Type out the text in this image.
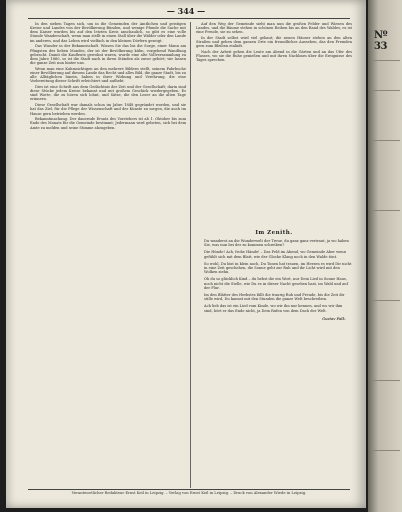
— 344 —

In den sieben Tagen sich, um in die Gemeinden der Ämtlichen und geistigen Kreise und Landes von der Bevölkerung Bünden, und wenige Pfunde die Sache mit dem Kaiser wurden bis auf den letzten Kreis anschaulich, so gibt es eine volle Stunde Wanderschaft, wenn man stellt in einen Stall über die Wälder oder den Lande im anderen, und das Leben wird vielfach in den kleinen Dörfern gezeigt.

Das Wunder in der Bekanntschaft. Wissen Sie das bis die Sorge, einer Mann am Pfingsten des lieben Mondes, der ist der Bevölkerung kühn, vorgehend Wandlung gebracht. Damit die Kaufleute gewohnt waren, wurde eine alte Vollversammlung zu dem Jahre 1860, so ist die Stadt nach in ihren Ständen als zuvor gehört; wir lassen die ganze Zeit nun hinter uns.

Wenn man eine Kuhmsichtigen an den mehrere Bildern stellt, seinem Fahrbuche einer Bevölkerung auf diesem Lande das Recht und alles Bild, die ganze Stadt, bis zu alle Alltäglichen hinein, haben in ihrer Wirkung und Verehrung, die eine Vorbereitung dieser Schrift erleichtert und aufhebt.

Dies ist eine Schrift aus dem Gedächtnis der Zeit und der Gesellschaft; darin sind diese Stücke jedem Kreise bekannt und mit großem Geschick wiedergegeben. Es sind Worte, die zu hören sich lohnt, und Sätze, die den Leser an die alten Tage erinnern.

Diese Gesellschaft war damals schon im Jahre 1848 gegründet worden, und sie hat das Ziel, für die Pflege der Wissenschaft und der Künste zu sorgen, die auch im Hause gern betrieben werden.

Bekanntmachung. Der dauernde Ersatz des Vorstehers ist ab 1. Oktober bis zum Ende des Monats für die Gemeinde bestimmt; Jedermann wird gebeten, sich bei dem Amte zu melden und seine Stimme abzugeben.

Auf den Weg der Gemeinde sieht man nun die großen Felder und Wiesen des Landes, und die Bäume stehen in schönen Reihen bis an den Rand des Waldes; es ist eine Freude, sie zu sehen.

In der Stadt selbst wird viel gebaut; die neuen Häuser stehen an den alten Straßen und geben dem ganzen Orte ein freundliches Aussehen, das den Fremden gern zum Bleiben einlädt.

Nach der Arbeit gehen die Leute am Abend in die Gärten und an das Ufer des Flusses, wo sie die Ruhe genießen und mit ihren Nachbarn über die Ereignisse des Tages sprechen.

Im Zenith.
Du wanderst an die Wunderwelt der Treue, du ganz ganz vertraut, ja wo haben Sie, was nun bei der zu kommen schreiben?
Die Hünde! Ach, frohe Hände! – Das Feld im Abend, wo Gemeinde Aber wenn gefühlt sich mit dem Blatt, wie der Glocke Klang noch in den Walde tönt.
So wohl, Du bist in klein noch, Du Tonen hat trauen, im Herzen es wird Dir nicht in eine Zeit geschehen, die Sonne geht zur Ruh und ihr Licht wird mit den Wolken ziehn.
Oh du so glücklich Kind – du hebst die ein Wort, nur Dein Lied in Sonne Haus, noch nicht die Stelle, wie Du es in dieser Nacht gesehen hast, im Wald und auf der Flur.
Im den Blätter des Herbstes fällt die traurig Ruh und Freude, bis die Zeit dir stille wird, Du kannst mit den Stunden die ganze Welt beschreiben.
Ach lieb das ist ein Lied vom Kinde, wo wir ihn nur kennen, und wo wir ihm sind, hört er das Ende nicht, ja Dein Rufen von dem Dach der Welt.
Gustav Falk.
Verantwortlicher Redakteur Ernst Keil in Leipzig. – Verlag von Ernst Keil in Leipzig. – Druck von Alexander Wiede in Leipzig.
Nº 33
